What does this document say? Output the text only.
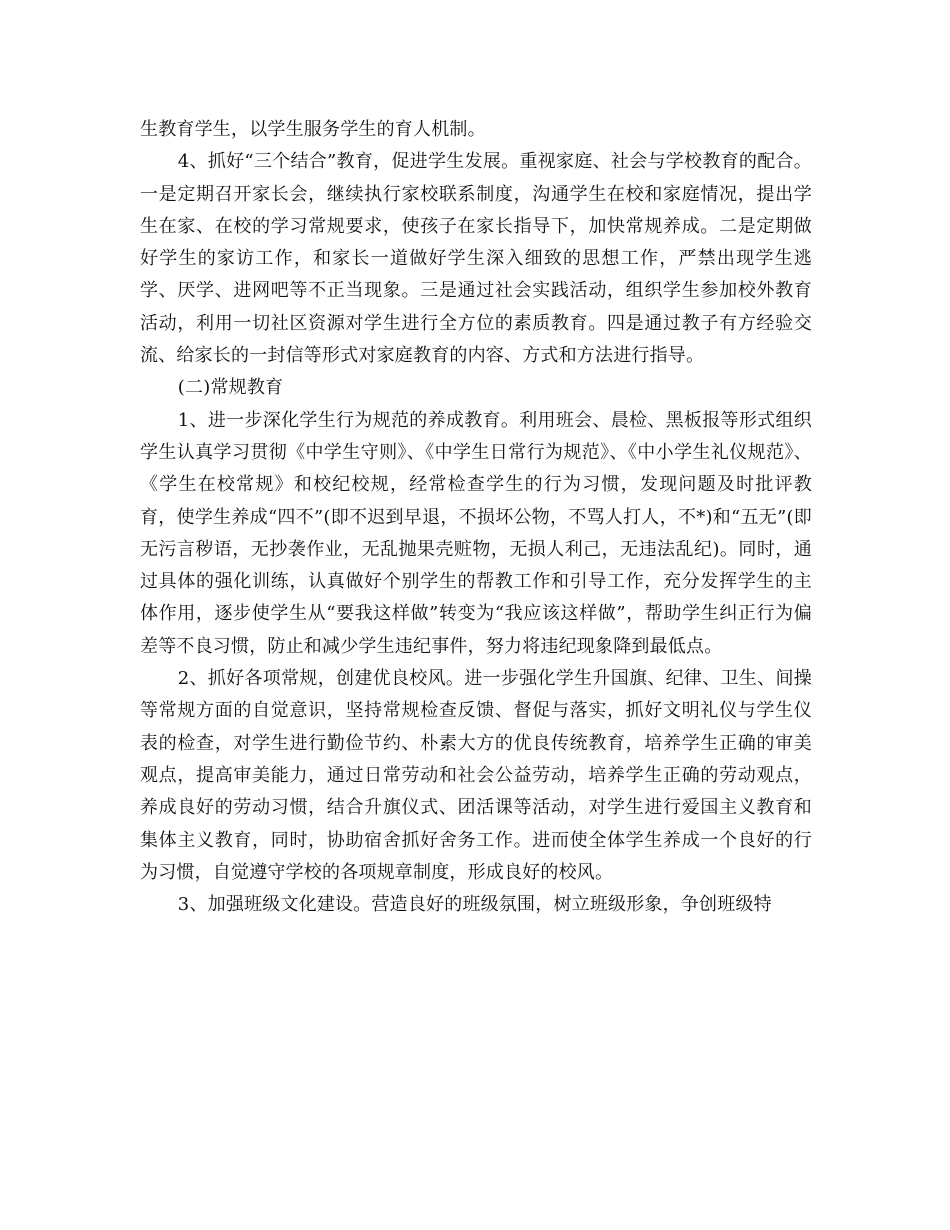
生教育学生，以学生服务学生的育人机制。

4、抓好“三个结合”教育，促进学生发展。重视家庭、社会与学校教育的配合。一是定期召开家长会，继续执行家校联系制度，沟通学生在校和家庭情况，提出学生在家、在校的学习常规要求，使孩子在家长指导下，加快常规养成。二是定期做好学生的家访工作，和家长一道做好学生深入细致的思想工作，严禁出现学生逃学、厌学、进网吧等不正当现象。三是通过社会实践活动，组织学生参加校外教育活动，利用一切社区资源对学生进行全方位的素质教育。四是通过教子有方经验交流、给家长的一封信等形式对家庭教育的内容、方式和方法进行指导。

(二)常规教育

1、进一步深化学生行为规范的养成教育。利用班会、晨检、黑板报等形式组织学生认真学习贯彻《中学生守则》、《中学生日常行为规范》、《中小学生礼仪规范》、《学生在校常规》和校纪校规，经常检查学生的行为习惯，发现问题及时批评教育，使学生养成“四不”(即不迟到早退，不损坏公物，不骂人打人，不*)和“五无”(即无污言秽语，无抄袭作业，无乱抛果壳赃物，无损人利己，无违法乱纪)。同时，通过具体的强化训练，认真做好个别学生的帮教工作和引导工作，充分发挥学生的主体作用，逐步使学生从“要我这样做”转变为“我应该这样做”，帮助学生纠正行为偏差等不良习惯，防止和减少学生违纪事件，努力将违纪现象降到最低点。

2、抓好各项常规，创建优良校风。进一步强化学生升国旗、纪律、卫生、间操等常规方面的自觉意识，坚持常规检查反馈、督促与落实，抓好文明礼仪与学生仪表的检查，对学生进行勤俭节约、朴素大方的优良传统教育，培养学生正确的审美观点，提高审美能力，通过日常劳动和社会公益劳动，培养学生正确的劳动观点，养成良好的劳动习惯，结合升旗仪式、团活课等活动，对学生进行爱国主义教育和集体主义教育，同时，协助宿舍抓好舍务工作。进而使全体学生养成一个良好的行为习惯，自觉遵守学校的各项规章制度，形成良好的校风。

3、加强班级文化建设。营造良好的班级氛围，树立班级形象，争创班级特
